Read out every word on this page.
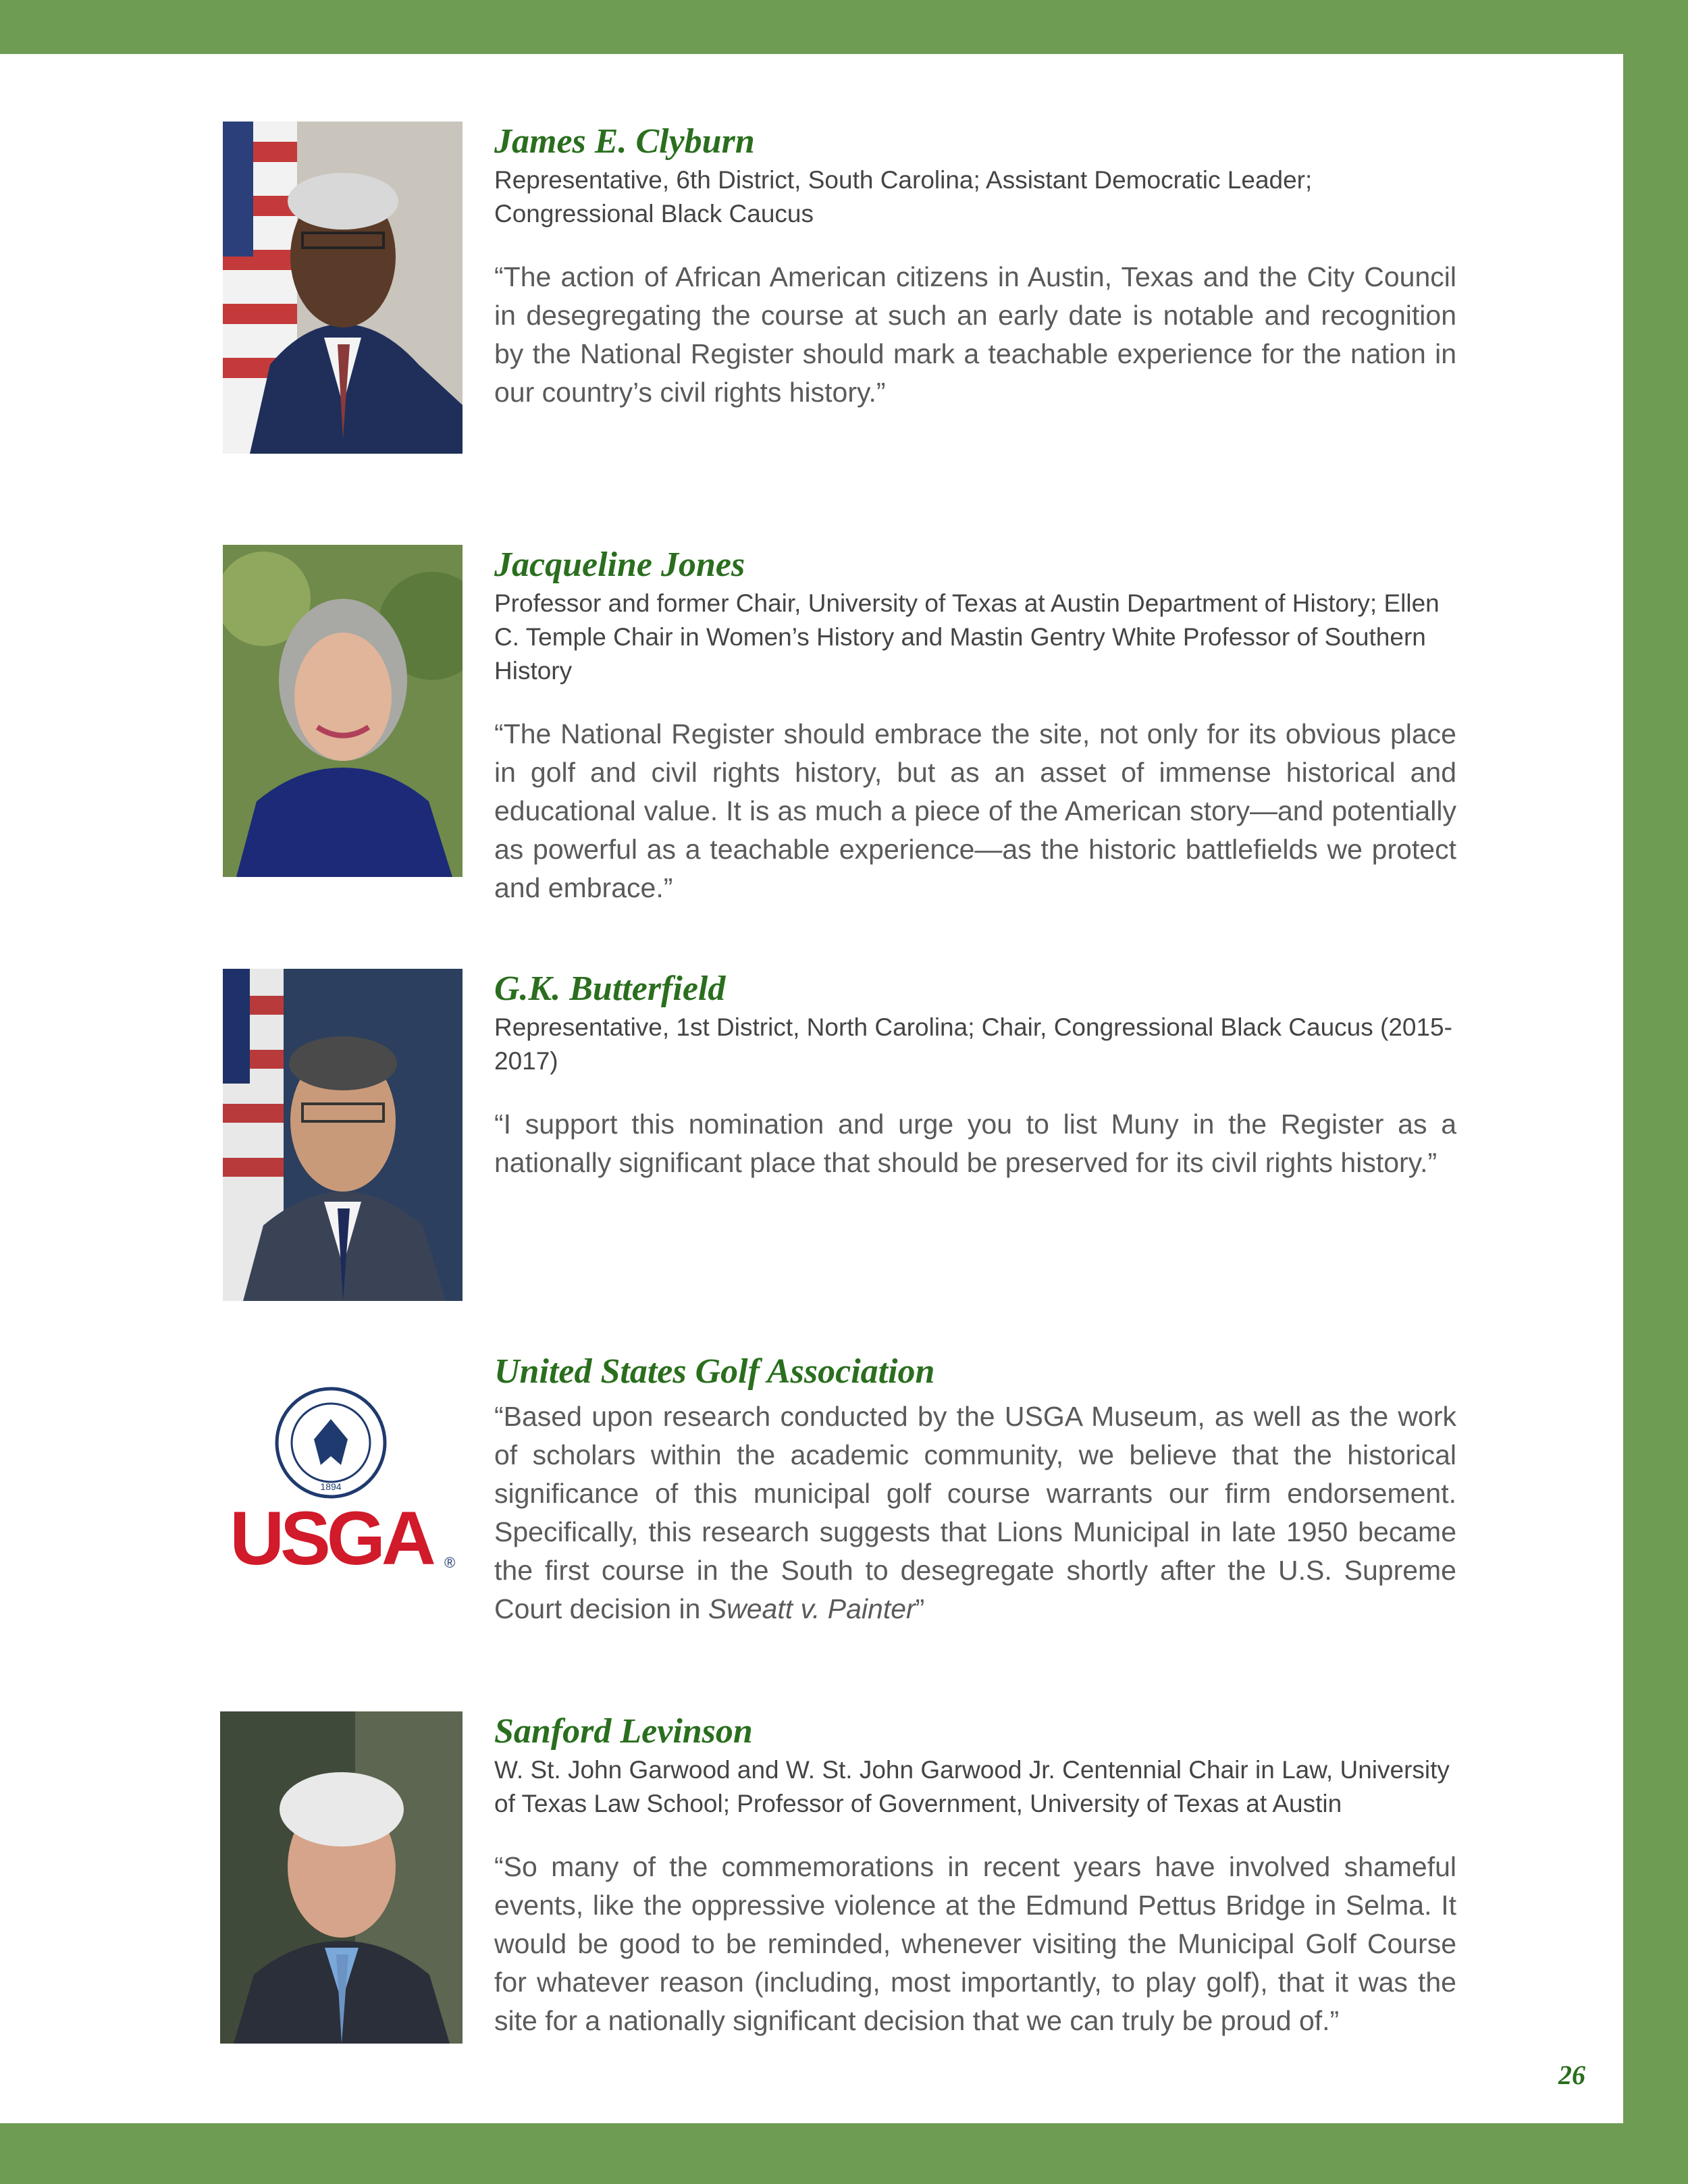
James E. Clyburn

Representative, 6th District, South Carolina; Assistant Democratic Leader; Congressional Black Caucus

“The action of African American citizens in Austin, Texas and the City Council in desegregating the course at such an early date is notable and recognition by the National Register should mark a teachable experience for the nation in our country’s civil rights history.”

Jacqueline Jones

Professor and former Chair, University of Texas at Austin Department of History; Ellen C. Temple Chair in Women’s History and Mastin Gentry White Professor of Southern History

“The National Register should embrace the site, not only for its obvious place in golf and civil rights history, but as an asset of immense historical and educational value. It is as much a piece of the American story—and potentially as powerful as a teachable experience—as the historic battlefields we protect and embrace.”

G.K. Butterfield

Representative, 1st District, North Carolina; Chair, Congressional Black Caucus (2015-2017)

“I support this nomination and urge you to list Muny in the Register as a nationally significant place that should be preserved for its civil rights history.”

1894
USGA ®

United States Golf Association

“Based upon research conducted by the USGA Museum, as well as the work of scholars within the academic community, we believe that the historical significance of this municipal golf course warrants our firm endorsement. Specifically, this research suggests that Lions Municipal in late 1950 became the first course in the South to desegregate shortly after the U.S. Supreme Court decision in Sweatt v. Painter”

Sanford Levinson

W. St. John Garwood and W. St. John Garwood Jr. Centennial Chair in Law, University of Texas Law School; Professor of Government, University of Texas at Austin

“So many of the commemorations in recent years have involved shameful events, like the oppressive violence at the Edmund Pettus Bridge in Selma. It would be good to be reminded, whenever visiting the Municipal Golf Course for whatever reason (including, most importantly, to play golf), that it was the site for a nationally significant decision that we can truly be proud of.”

26
